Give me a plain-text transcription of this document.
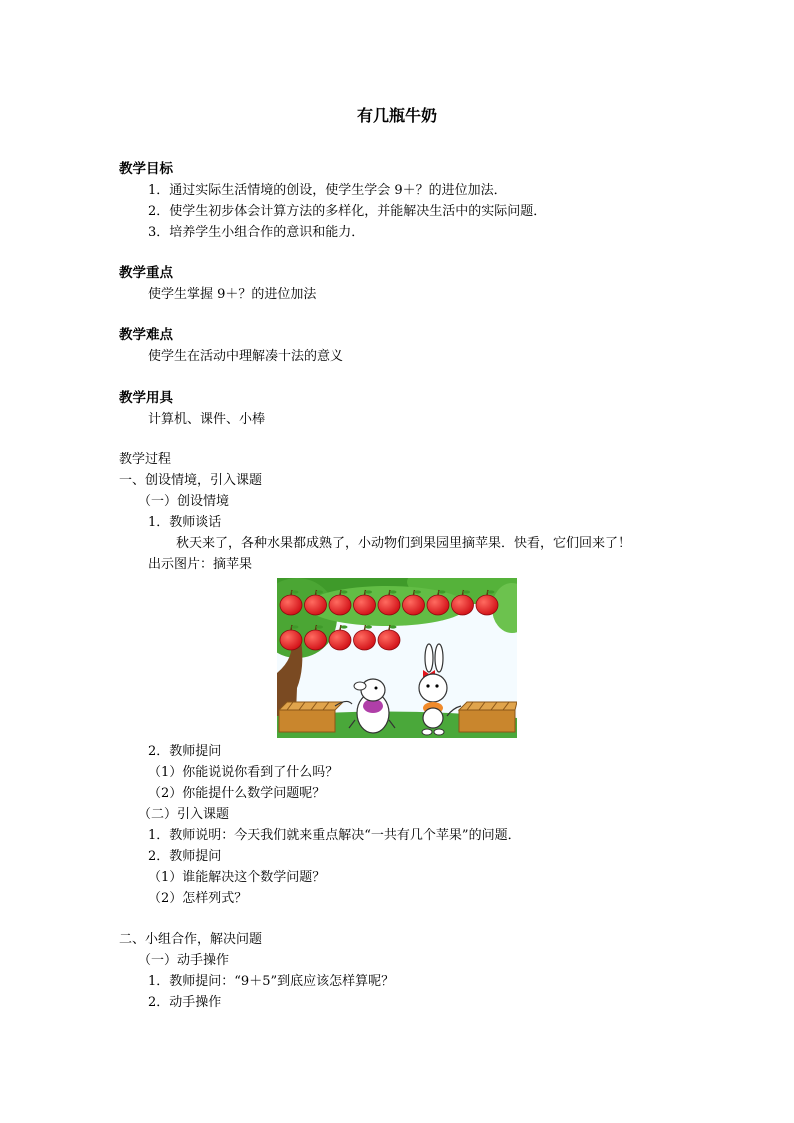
有几瓶牛奶
教学目标
1．通过实际生活情境的创设，使学生学会 9＋？的进位加法．
2．使学生初步体会计算方法的多样化，并能解决生活中的实际问题．
3．培养学生小组合作的意识和能力．
教学重点
使学生掌握 9＋？的进位加法
教学难点
使学生在活动中理解凑十法的意义
教学用具
计算机、课件、小棒
教学过程
一、创设情境，引入课题
（一）创设情境
1．教师谈话
秋天来了，各种水果都成熟了，小动物们到果园里摘苹果．快看，它们回来了！
出示图片：摘苹果
2．教师提问
（1）你能说说你看到了什么吗？
（2）你能提什么数学问题呢？
（二）引入课题
1．教师说明：今天我们就来重点解决“一共有几个苹果”的问题．
2．教师提问
（1）谁能解决这个数学问题？
（2）怎样列式？
二、小组合作，解决问题
（一）动手操作
1．教师提问：“9＋5”到底应该怎样算呢？
2．动手操作
